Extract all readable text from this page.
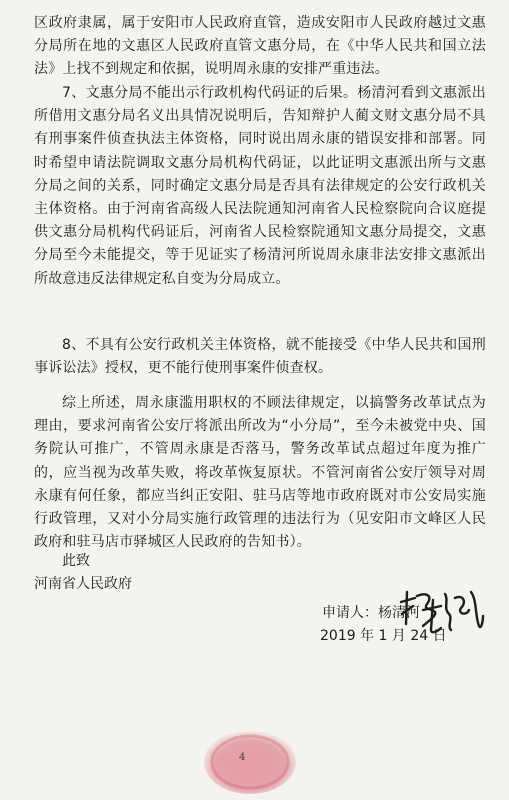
区政府隶属，属于安阳市人民政府直管，造成安阳市人民政府越过文惠分局所在地的文惠区人民政府直管文惠分局，在《中华人民共和国立法法》上找不到规定和依据，说明周永康的安排严重违法。

7、文惠分局不能出示行政机构代码证的后果。杨清河看到文惠派出所借用文惠分局名义出具情况说明后，告知辩护人蔺文财文惠分局不具有刑事案件侦查执法主体资格，同时说出周永康的错误安排和部署。同时希望申请法院调取文惠分局机构代码证，以此证明文惠派出所与文惠分局之间的关系，同时确定文惠分局是否具有法律规定的公安行政机关主体资格。由于河南省高级人民法院通知河南省人民检察院向合议庭提供文惠分局机构代码证后，河南省人民检察院通知文惠分局提交，文惠分局至今未能提交，等于见证实了杨清河所说周永康非法安排文惠派出所故意违反法律规定私自变为分局成立。

8、不具有公安行政机关主体资格，就不能接受《中华人民共和国刑事诉讼法》授权，更不能行使刑事案件侦查权。

综上所述，周永康滥用职权的不顾法律规定，以搞警务改革试点为理由，要求河南省公安厅将派出所改为“小分局”，至今未被党中央、国务院认可推广，不管周永康是否落马，警务改革试点超过年度为推广的，应当视为改革失败，将改革恢复原状。不管河南省公安厅领导对周永康有何任象，都应当纠正安阳、驻马店等地市政府既对市公安局实施行政管理，又对小分局实施行政管理的违法行为（见安阳市文峰区人民政府和驻马店市驿城区人民政府的告知书）。

此致
河南省人民政府
申请人：杨清河
2019 年 1 月 24 日
4
